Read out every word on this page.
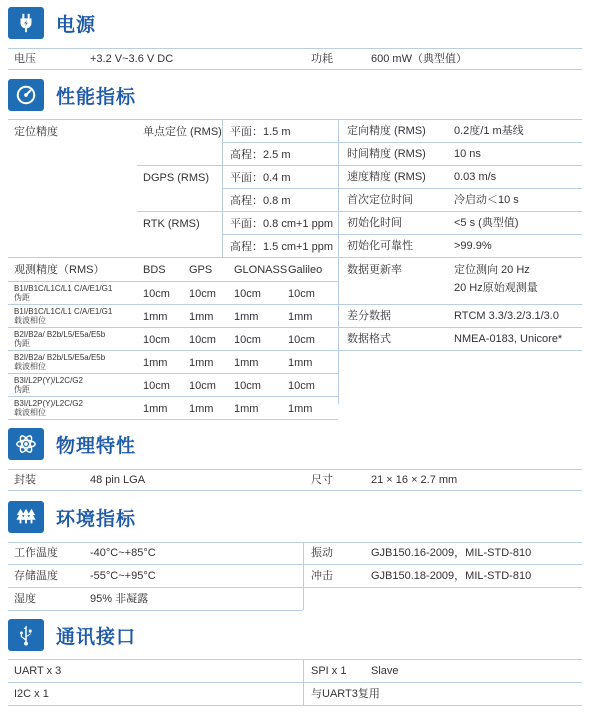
电源
电压	+3.2 V~3.6 V DC	功耗	600 mW（典型值）
性能指标
定位精度	单点定位 (RMS) 平面：1.5 m
高程：2.5 m
DGPS (RMS) 平面：0.4 m
高程：0.8 m
RTK (RMS)	平面：0.8 cm+1 ppm
高程：1.5 cm+1 ppm
观测精度（RMS）	BDS GPS GLONASS Galileo
B1I/B1C/L1C/L1 C/A/E1/G1
伪距	10cm 10cm 10cm 10cm
B1I/B1C/L1C/L1 C/A/E1/G1
载波相位	1mm 1mm 1mm	1mm
B2I/B2a/ B2b/L5/E5a/E5b
伪距	10cm 10cm 10cm 10cm
B2I/B2a/ B2b/L5/E5a/E5b
载波相位	1mm 1mm 1mm	1mm
B3I/L2P(Y)/L2C/G2
伪距	10cm 10cm 10cm 10cm
B3I/L2P(Y)/L2C/G2
载波相位	1mm 1mm 1mm	1mm
定向精度 (RMS)	0.2度/1 m基线
时间精度 (RMS)	10 ns
速度精度 (RMS)	0.03 m/s
首次定位时间	冷启动＜10 s
初始化时间	<5 s (典型值)
初始化可靠性	>99.9%
数据更新率	定位测向 20 Hz
20 Hz原始观测量
差分数据	RTCM 3.3/3.2/3.1/3.0
数据格式	NMEA-0183, Unicore*
物理特性
封装	48 pin LGA	尺寸	21 × 16 × 2.7 mm
环境指标
工作温度	-40°C~+85°C	振动	GJB150.16-2009，MIL-STD-810
存储温度	-55°C~+95°C	冲击	GJB150.18-2009，MIL-STD-810
湿度	95% 非凝露
通讯接口
UART x 3	SPI x 1 Slave
I2C x 1	与UART3复用
